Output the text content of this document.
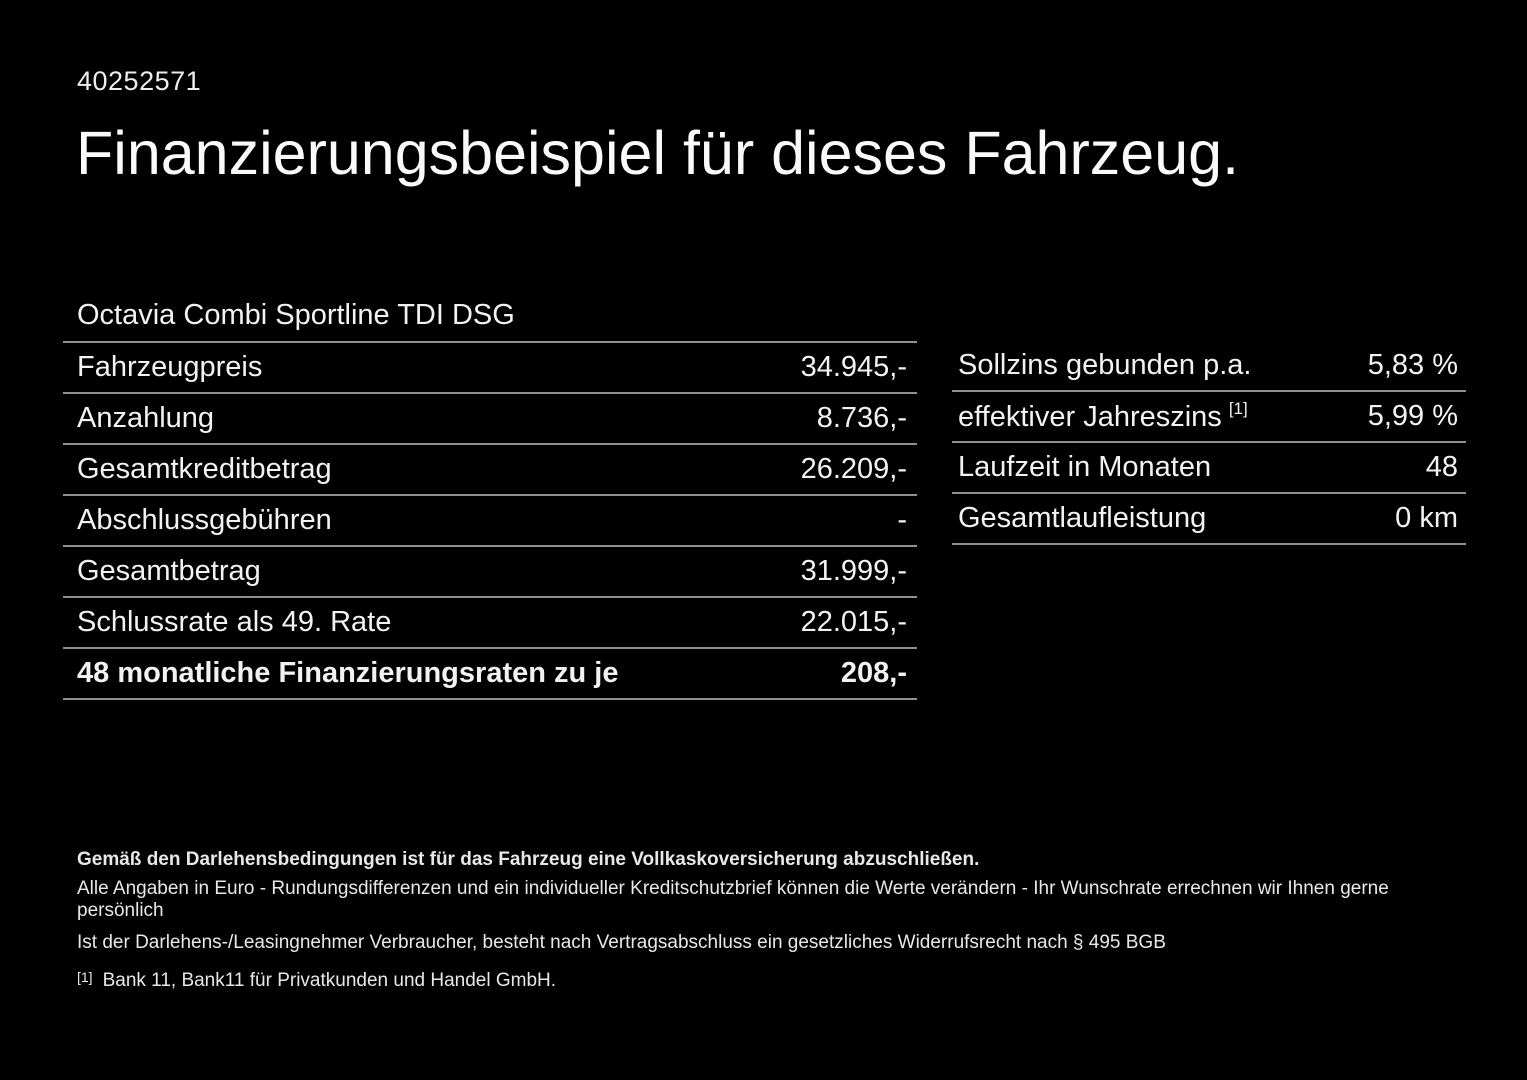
40252571
Finanzierungsbeispiel für dieses Fahrzeug.
Octavia Combi Sportline TDI DSG
Fahrzeugpreis	34.945,-
Anzahlung	8.736,-
Gesamtkreditbetrag	26.209,-
Abschlussgebühren	-
Gesamtbetrag	31.999,-
Schlussrate als 49. Rate	22.015,-
48 monatliche Finanzierungsraten zu je	208,-
Sollzins gebunden p.a.	5,83 %
effektiver Jahreszins [1]	5,99 %
Laufzeit in Monaten	48
Gesamtlaufleistung	0 km
Gemäß den Darlehensbedingungen ist für das Fahrzeug eine Vollkaskoversicherung abzuschließen.
Alle Angaben in Euro - Rundungsdifferenzen und ein individueller Kreditschutzbrief können die Werte verändern - Ihr Wunschrate errechnen wir Ihnen gerne persönlich
Ist der Darlehens-/Leasingnehmer Verbraucher, besteht nach Vertragsabschluss ein gesetzliches Widerrufsrecht nach § 495 BGB
[1] Bank 11, Bank11 für Privatkunden und Handel GmbH.
